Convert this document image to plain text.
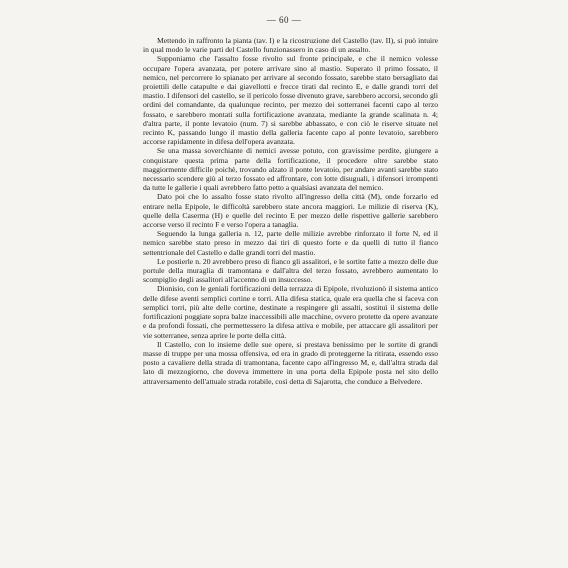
— 60 —

Mettendo in raffronto la pianta (tav. I) e la ricostruzione del Castello (tav. II), si può intuire in qual modo le varie parti del Castello funzionassero in caso di un assalto.

Supponiamo che l'assalto fosse rivolto sul fronte principale, e che il nemico volesse occupare l'opera avanzata, per potere arrivare sino al mastio. Superato il primo fossato, il nemico, nel percorrere lo spianato per arrivare al secondo fossato, sarebbe stato bersagliato dai proiettili delle catapulte e dai giavellotti e frecce tirati dal recinto E, e dalle grandi torri del mastio. I difensori del castello, se il pericolo fosse divenuto grave, sarebbero accorsi, secondo gli ordini del comandante, da qualunque recinto, per mezzo dei sotterranei facenti capo al terzo fossato, e sarebbero montati sulla fortificazione avanzata, mediante la grande scalinata n. 4; d'altra parte, il ponte levatoio (num. 7) si sarebbe abbassato, e con ciò le riserve situate nel recinto K, passando lungo il mastio della galleria facente capo al ponte levatoio, sarebbero accorse rapidamente in difesa dell'opera avanzata.

Se una massa soverchiante di nemici avesse potuto, con gravissime perdite, giungere a conquistare questa prima parte della fortificazione, il procedere oltre sarebbe stato maggiormente difficile poichè, trovando alzato il ponte levatoio, per andare avanti sarebbe stato necessario scendere giù al terzo fossato ed affrontare, con lotte disuguali, i difensori irrompenti da tutte le gallerie i quali avrebbero fatto petto a qualsiasi avanzata del nemico.

Dato poi che lo assalto fosse stato rivolto all'ingresso della città (M), onde forzarlo ed entrare nella Epipole, le difficoltà sarebbero state ancora maggiori. Le milizie di riserva (K), quelle della Caserma (H) e quelle del recinto E per mezzo delle rispettive gallerie sarebbero accorse verso il recinto F e verso l'opera a tanaglia.

Seguendo la lunga galleria n. 12, parte delle milizie avrebbe rinforzato il forte N, ed il nemico sarebbe stato preso in mezzo dai tiri di questo forte e da quelli di tutto il fianco settentrionale del Castello e dalle grandi torri del mastio.

Le postierle n. 20 avrebbero preso di fianco gli assalitori, e le sortite fatte a mezzo delle due portule della muraglia di tramontana e dall'altra del terzo fossato, avrebbero aumentato lo scompiglio degli assalitori all'accenno di un insuccesso.

Dionisio, con le geniali fortificazioni della terrazza di Epipole, rivoluzionò il sistema antico delle difese aventi semplici cortine e torri. Alla difesa statica, quale era quella che si faceva con semplici torri, più alte delle cortine, destinate a respingere gli assalti, sostituì il sistema delle fortificazioni poggiate sopra balze inaccessibili alle macchine, ovvero protette da opere avanzate e da profondi fossati, che permettessero la difesa attiva e mobile, per attaccare gli assalitori per vie sotterranee, senza aprire le porte della città.

Il Castello, con lo insieme delle sue opere, si prestava benissimo per le sortite di grandi masse di truppe per una mossa offensiva, ed era in grado di proteggerne la ritirata, essendo esso posto a cavaliere della strada di tramontana, facente capo all'ingresso M, e, dall'altra strada dal lato di mezzogiorno, che doveva immettere in una porta della Epipole posta nel sito dello attraversamento dell'attuale strada rotabile, così detta di Sajarotta, che conduce a Belvedere.
